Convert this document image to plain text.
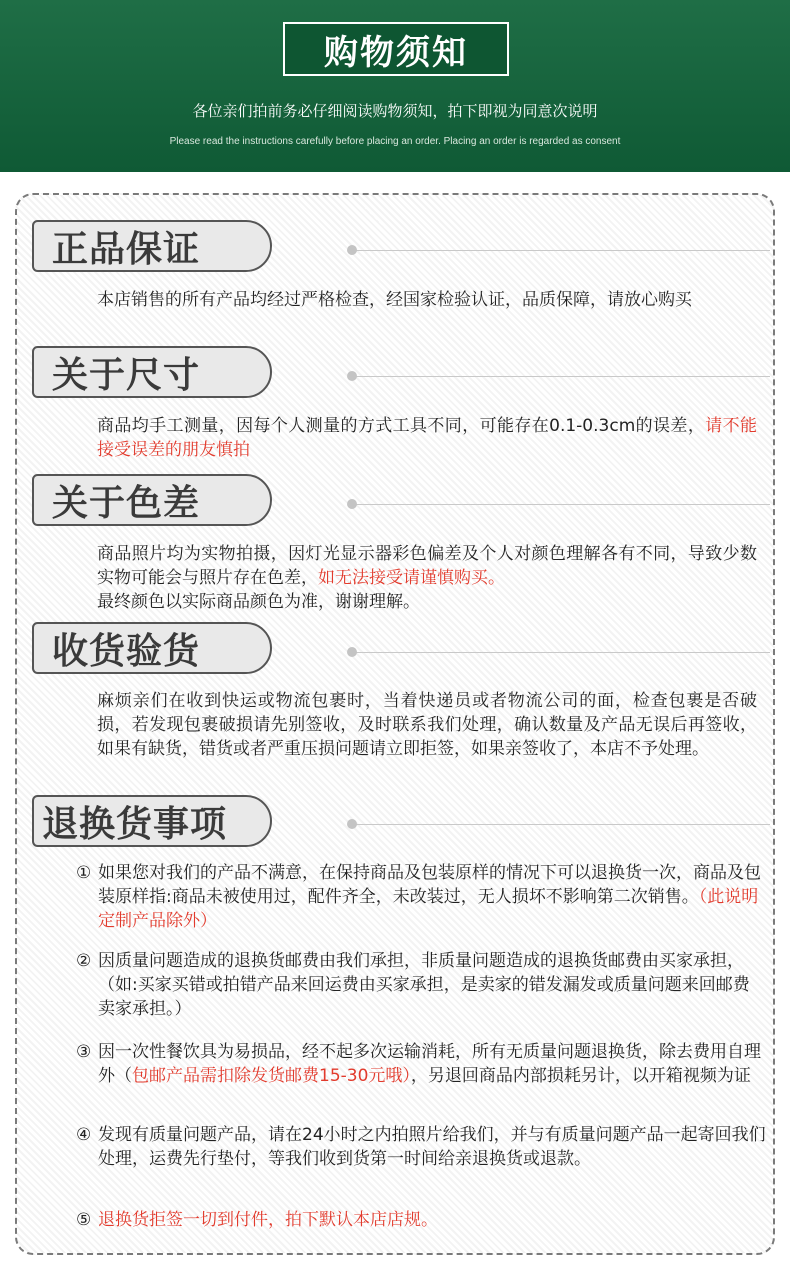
购物须知
各位亲们拍前务必仔细阅读购物须知，拍下即视为同意次说明
Please read the instructions carefully before placing an order. Placing an order is regarded as consent
正品保证
本店销售的所有产品均经过严格检查，经国家检验认证，品质保障，请放心购买
关于尺寸
商品均手工测量，因每个人测量的方式工具不同，可能存在0.1-0.3cm的误差，请不能接受误差的朋友慎拍
关于色差
商品照片均为实物拍摄，因灯光显示器彩色偏差及个人对颜色理解各有不同，导致少数实物可能会与照片存在色差，如无法接受请谨慎购买。
最终颜色以实际商品颜色为准，谢谢理解。
收货验货
麻烦亲们在收到快运或物流包裹时，当着快递员或者物流公司的面，检查包裹是否破损，若发现包裹破损请先别签收，及时联系我们处理，确认数量及产品无误后再签收，如果有缺货，错货或者严重压损问题请立即拒签，如果亲签收了，本店不予处理。
退换货事项
① 如果您对我们的产品不满意，在保持商品及包装原样的情况下可以退换货一次，商品及包装原样指:商品未被使用过，配件齐全，未改装过，无人损坏不影响第二次销售。（此说明定制产品除外）
② 因质量问题造成的退换货邮费由我们承担，非质量问题造成的退换货邮费由买家承担，（如:买家买错或拍错产品来回运费由买家承担，是卖家的错发漏发或质量问题来回邮费卖家承担。）
③ 因一次性餐饮具为易损品，经不起多次运输消耗，所有无质量问题退换货，除去费用自理外（包邮产品需扣除发货邮费15-30元哦），另退回商品内部损耗另计，以开箱视频为证
④ 发现有质量问题产品，请在24小时之内拍照片给我们，并与有质量问题产品一起寄回我们处理，运费先行垫付，等我们收到货第一时间给亲退换货或退款。
⑤ 退换货拒签一切到付件，拍下默认本店店规。
